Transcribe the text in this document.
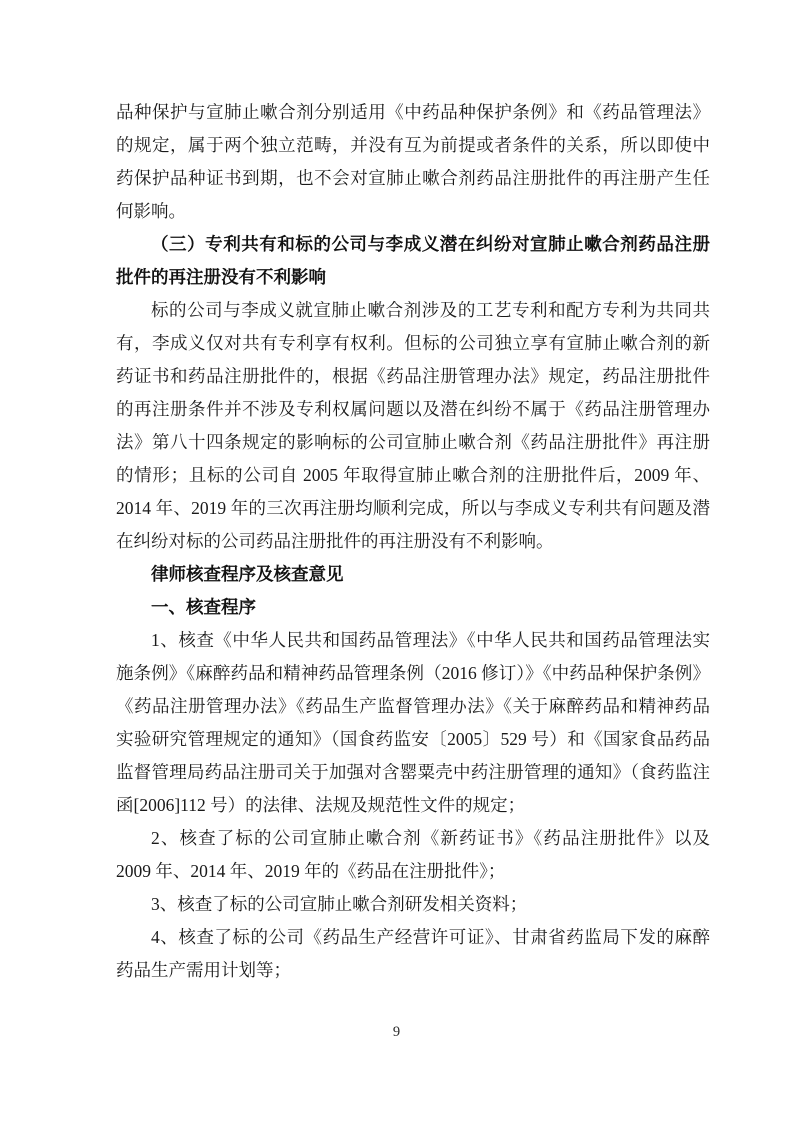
品种保护与宣肺止嗽合剂分别适用《中药品种保护条例》和《药品管理法》的规定，属于两个独立范畴，并没有互为前提或者条件的关系，所以即使中药保护品种证书到期，也不会对宣肺止嗽合剂药品注册批件的再注册产生任何影响。

（三）专利共有和标的公司与李成义潜在纠纷对宣肺止嗽合剂药品注册批件的再注册没有不利影响

标的公司与李成义就宣肺止嗽合剂涉及的工艺专利和配方专利为共同共有，李成义仅对共有专利享有权利。但标的公司独立享有宣肺止嗽合剂的新药证书和药品注册批件的，根据《药品注册管理办法》规定，药品注册批件的再注册条件并不涉及专利权属问题以及潜在纠纷不属于《药品注册管理办法》第八十四条规定的影响标的公司宣肺止嗽合剂《药品注册批件》再注册的情形；且标的公司自 2005 年取得宣肺止嗽合剂的注册批件后，2009 年、2014 年、2019 年的三次再注册均顺利完成，所以与李成义专利共有问题及潜在纠纷对标的公司药品注册批件的再注册没有不利影响。

律师核查程序及核查意见
一、核查程序

1、核查《中华人民共和国药品管理法》《中华人民共和国药品管理法实施条例》《麻醉药品和精神药品管理条例（2016 修订）》《中药品种保护条例》《药品注册管理办法》《药品生产监督管理办法》《关于麻醉药品和精神药品实验研究管理规定的通知》（国食药监安〔2005〕529 号）和《国家食品药品监督管理局药品注册司关于加强对含罂粟壳中药注册管理的通知》（食药监注函[2006]112 号）的法律、法规及规范性文件的规定；

2、核查了标的公司宣肺止嗽合剂《新药证书》《药品注册批件》以及 2009 年、2014 年、2019 年的《药品在注册批件》；

3、核查了标的公司宣肺止嗽合剂研发相关资料；

4、核查了标的公司《药品生产经营许可证》、甘肃省药监局下发的麻醉药品生产需用计划等；

9
